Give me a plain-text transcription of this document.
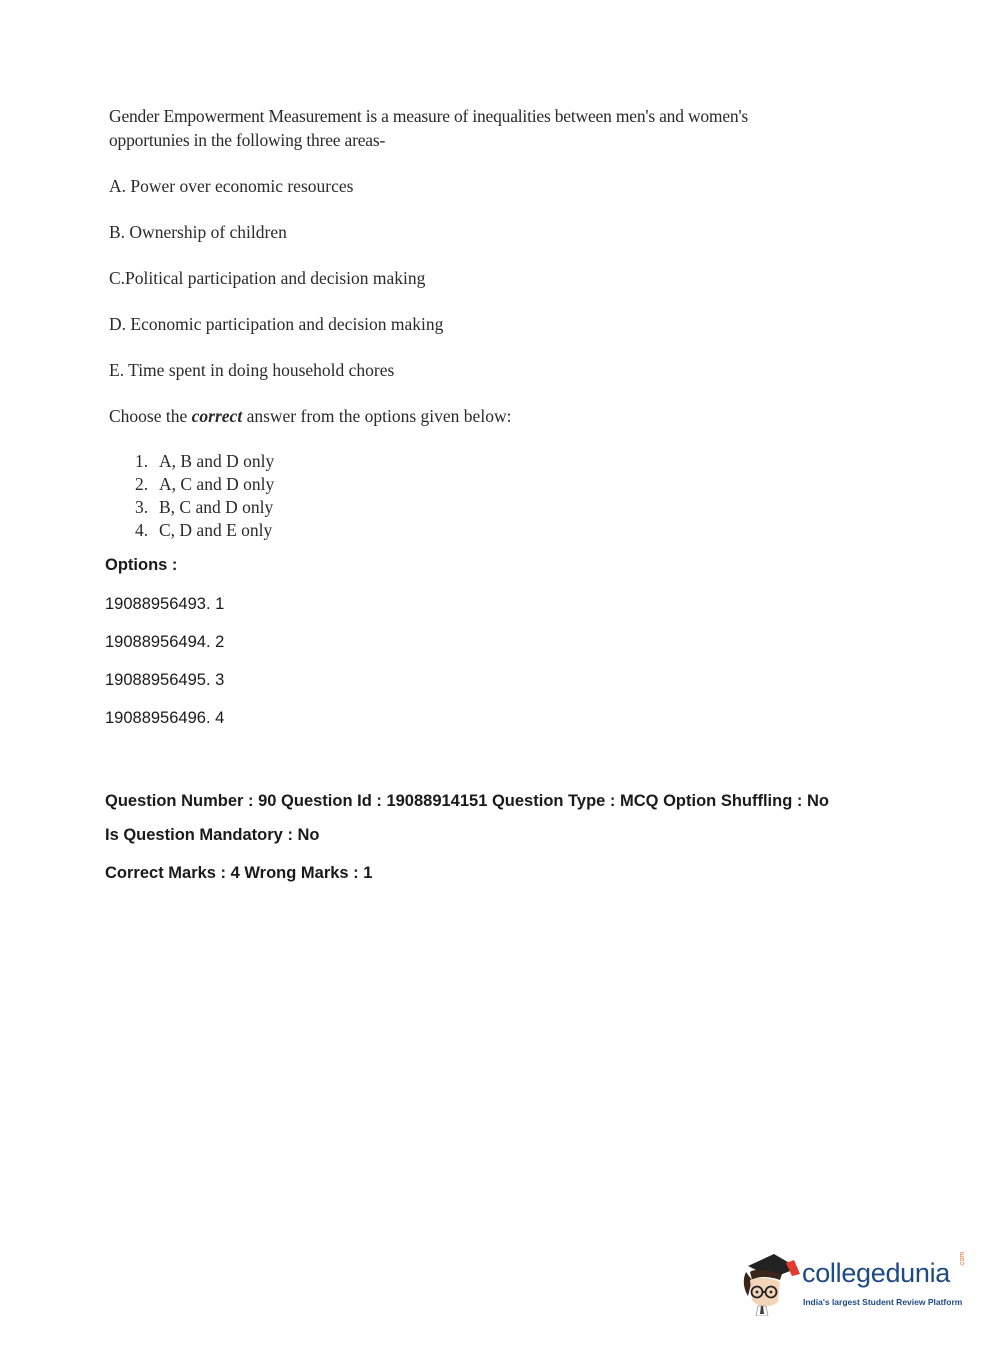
Gender Empowerment Measurement is a measure of inequalities between men's and women's

opportunies in the following three areas-

A. Power over economic resources

B. Ownership of children

C.Political participation and decision making

D. Economic participation and decision making

E. Time spent in doing household chores

Choose the correct answer from the options given below:

1. A, B and D only
2. A, C and D only
3. B, C and D only
4. C, D and E only
Options :
19088956493. 1
19088956494. 2
19088956495. 3
19088956496. 4
Question Number : 90 Question Id : 19088914151 Question Type : MCQ Option Shuffling : No
Is Question Mandatory : No
Correct Marks : 4 Wrong Marks : 1
collegedunia .com
India's largest Student Review Platform
